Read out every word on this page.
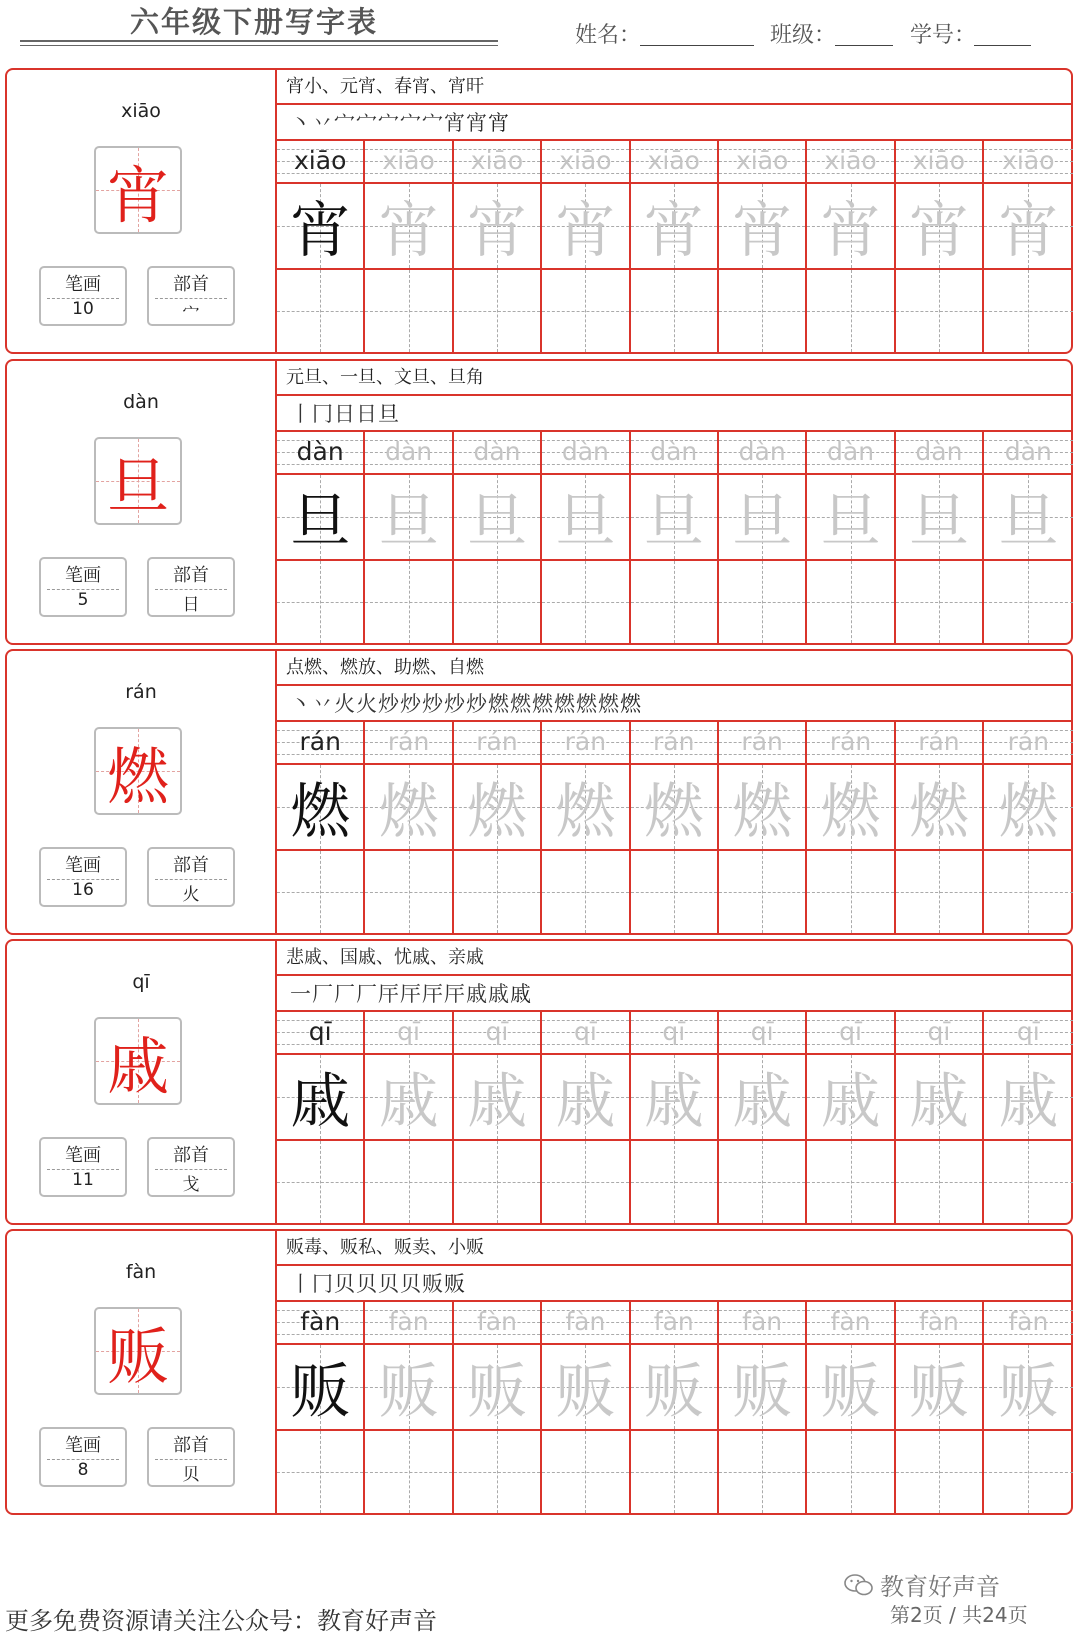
六年级下册写字表	姓名：	班级：	学号：
xiāo
宵
笔画
10
部首
宀
宵小、元宵、春宵、宵旰
丶丷宀宀宀宀宀宵宵宵
xiāo	xiāo	xiāo	xiāo	xiāo	xiāo	xiāo	xiāo	xiāo
宵 宵 宵 宵 宵 宵 宵 宵 宵
dàn
旦
笔画
5
部首
日
元旦、一旦、文旦、旦角
丨冂日日旦
dàn	dàn	dàn	dàn	dàn	dàn	dàn	dàn	dàn
旦 旦 旦 旦 旦 旦 旦 旦 旦
rán
燃
笔画
16
部首
火
点燃、燃放、助燃、自燃
丶丷火火炒炒炒炒炒燃燃燃燃燃燃燃
rán	rán	rán	rán	rán	rán	rán	rán	rán
燃 燃 燃 燃 燃 燃 燃 燃 燃
qī
戚
笔画
11
部首
戈
悲戚、国戚、忧戚、亲戚
一厂厂厂厈厈厈厈戚戚戚
qī	qī	qī	qī	qī	qī	qī	qī	qī
戚 戚 戚 戚 戚 戚 戚 戚 戚
fàn
贩
笔画
8
部首
贝
贩毒、贩私、贩卖、小贩
丨冂贝贝贝贝贩贩
fàn	fàn	fàn	fàn	fàn	fàn	fàn	fàn	fàn
贩 贩 贩 贩 贩 贩 贩 贩 贩
更多免费资源请关注公众号：教育好声音
教育好声音
第2页 / 共24页
